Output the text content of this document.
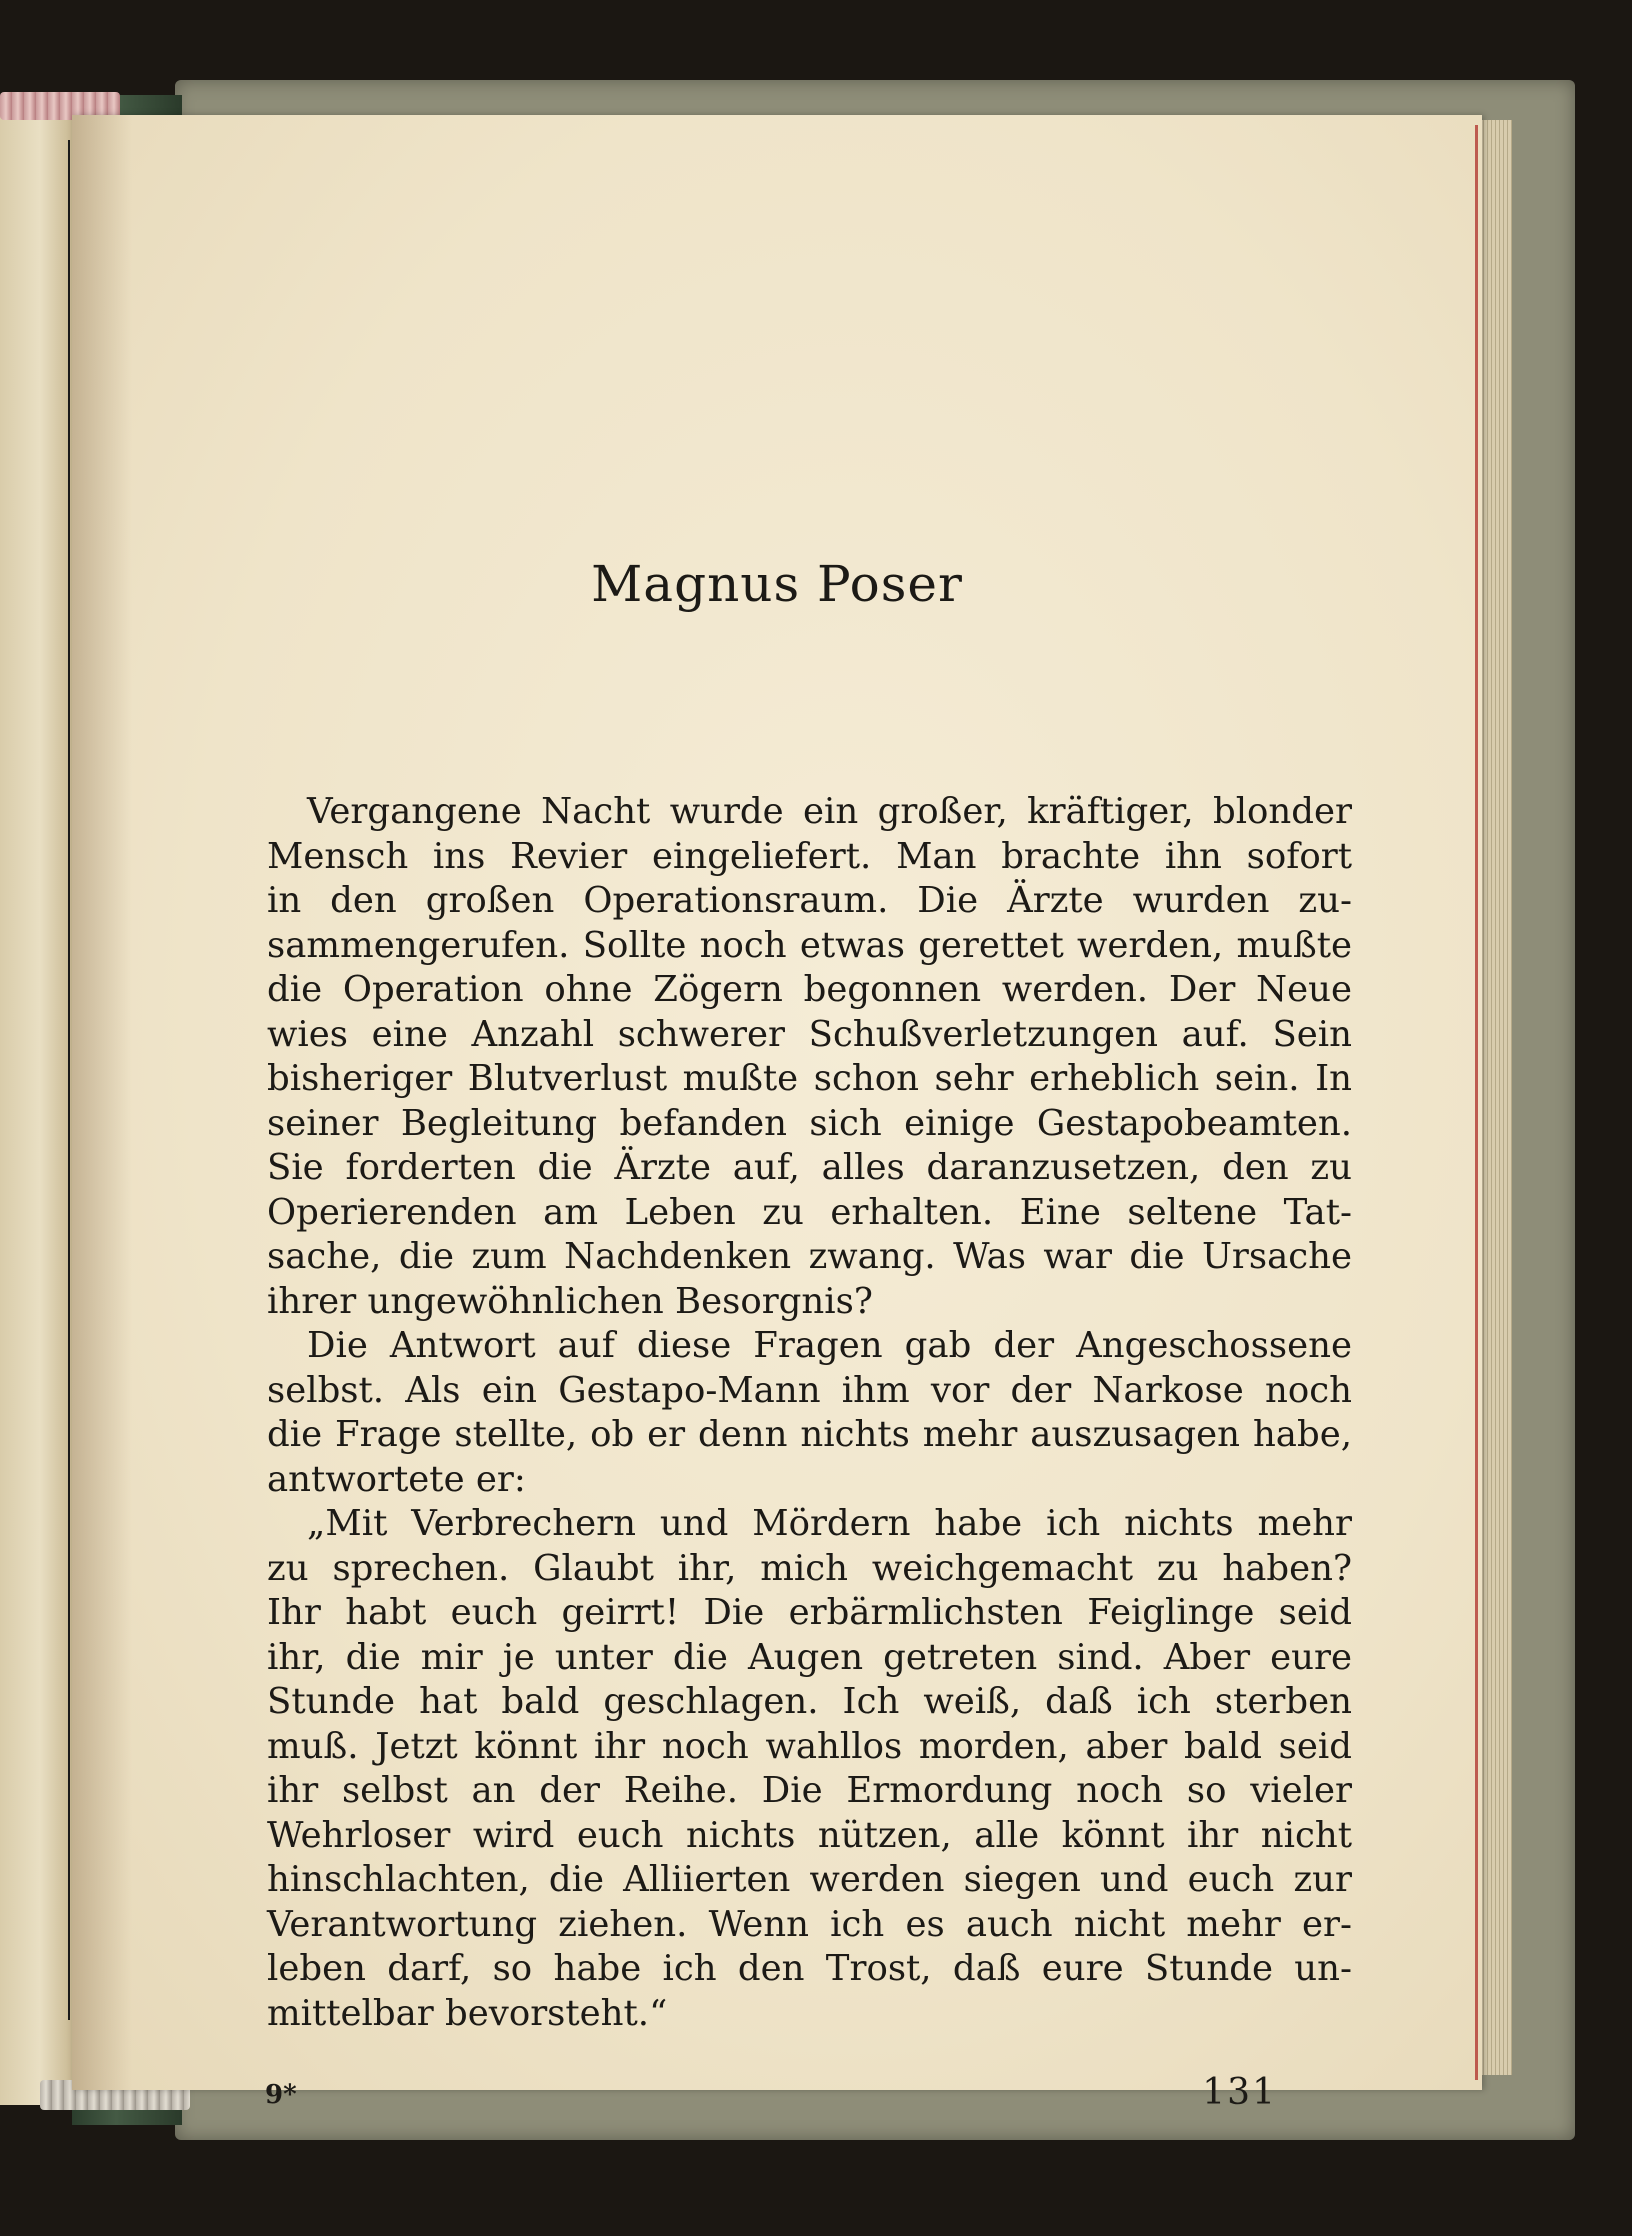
Magnus Poser
Vergangene Nacht wurde ein großer, kräftiger, blonder
Mensch ins Revier eingeliefert. Man brachte ihn sofort
in den großen Operationsraum. Die Ärzte wurden zu-
sammengerufen. Sollte noch etwas gerettet werden, mußte
die Operation ohne Zögern begonnen werden. Der Neue
wies eine Anzahl schwerer Schußverletzungen auf. Sein
bisheriger Blutverlust mußte schon sehr erheblich sein. In
seiner Begleitung befanden sich einige Gestapobeamten.
Sie forderten die Ärzte auf, alles daranzusetzen, den zu
Operierenden am Leben zu erhalten. Eine seltene Tat-
sache, die zum Nachdenken zwang. Was war die Ursache
ihrer ungewöhnlichen Besorgnis?
Die Antwort auf diese Fragen gab der Angeschossene
selbst. Als ein Gestapo-Mann ihm vor der Narkose noch
die Frage stellte, ob er denn nichts mehr auszusagen habe,
antwortete er:
„Mit Verbrechern und Mördern habe ich nichts mehr
zu sprechen. Glaubt ihr, mich weichgemacht zu haben?
Ihr habt euch geirrt! Die erbärmlichsten Feiglinge seid
ihr, die mir je unter die Augen getreten sind. Aber eure
Stunde hat bald geschlagen. Ich weiß, daß ich sterben
muß. Jetzt könnt ihr noch wahllos morden, aber bald seid
ihr selbst an der Reihe. Die Ermordung noch so vieler
Wehrloser wird euch nichts nützen, alle könnt ihr nicht
hinschlachten, die Alliierten werden siegen und euch zur
Verantwortung ziehen. Wenn ich es auch nicht mehr er-
leben darf, so habe ich den Trost, daß eure Stunde un-
mittelbar bevorsteht.“
9*	131
